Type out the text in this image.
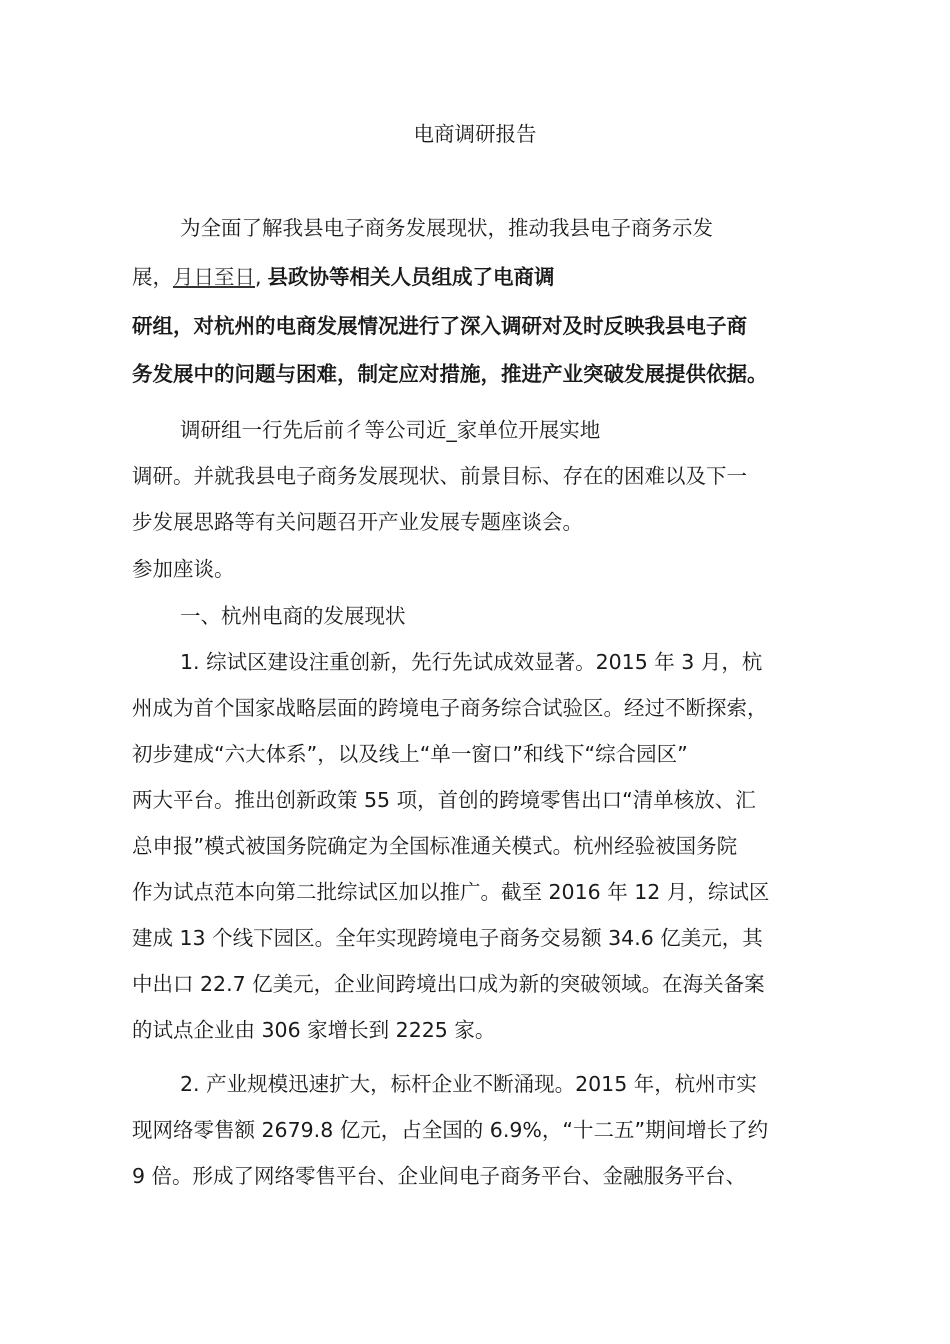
电商调研报告
为全面了解我县电子商务发展现状，推动我县电子商务示发
展，月日至日, 县政协等相关人员组成了电商调
研组，对杭州的电商发展情况进行了深入调研对及时反映我县电子商
务发展中的问题与困难，制定应对措施，推进产业突破发展提供依据。
调研组一行先后前彳等公司近_家单位开展实地
调研。并就我县电子商务发展现状、前景目标、存在的困难以及下一
步发展思路等有关问题召开产业发展专题座谈会。
参加座谈。
一、杭州电商的发展现状
1. 综试区建设注重创新，先行先试成效显著。2015 年 3 月，杭
州成为首个国家战略层面的跨境电子商务综合试验区。经过不断探索，
初步建成“六大体系”，以及线上“单一窗口”和线下“综合园区”
两大平台。推出创新政策 55 项，首创的跨境零售出口“清单核放、汇
总申报”模式被国务院确定为全国标准通关模式。杭州经验被国务院
作为试点范本向第二批综试区加以推广。截至 2016 年 12 月，综试区
建成 13 个线下园区。全年实现跨境电子商务交易额 34.6 亿美元，其
中出口 22.7 亿美元，企业间跨境出口成为新的突破领域。在海关备案
的试点企业由 306 家增长到 2225 家。
2. 产业规模迅速扩大，标杆企业不断涌现。2015 年，杭州市实
现网络零售额 2679.8 亿元，占全国的 6.9%，“十二五”期间增长了约
9 倍。形成了网络零售平台、企业间电子商务平台、金融服务平台、
